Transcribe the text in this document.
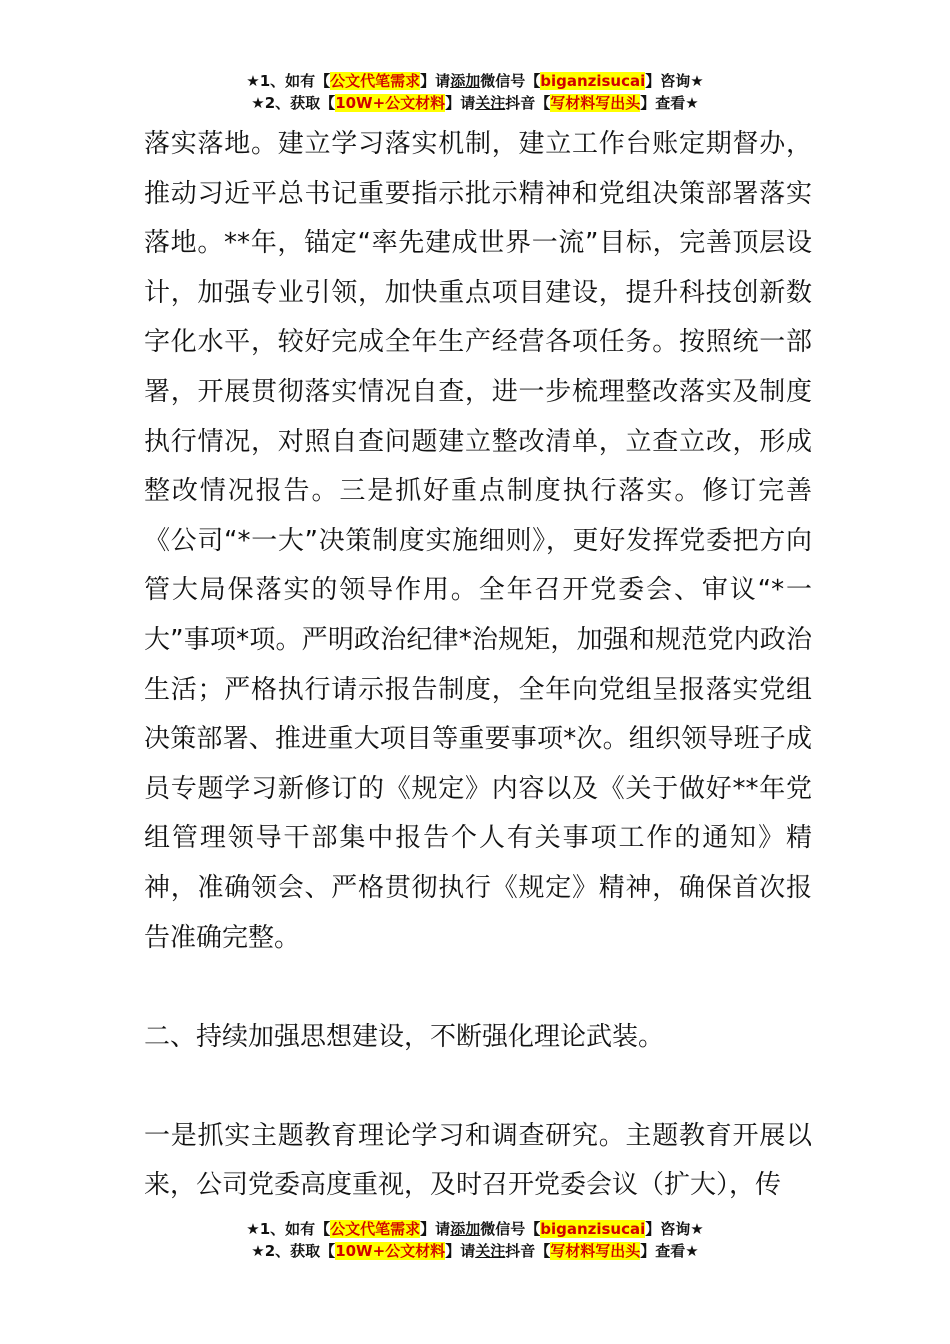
★1、如有【公文代笔需求】请添加微信号【biganzisucai】咨询★
★2、获取【10W+公文材料】请关注抖音【写材料写出头】查看★

落实落地。建立学习落实机制，建立工作台账定期督办，推动习近平总书记重要指示批示精神和党组决策部署落实落地。**年，锚定“率先建成世界一流”目标，完善顶层设计，加强专业引领，加快重点项目建设，提升科技创新数字化水平，较好完成全年生产经营各项任务。按照统一部署，开展贯彻落实情况自查，进一步梳理整改落实及制度执行情况，对照自查问题建立整改清单，立查立改，形成整改情况报告。三是抓好重点制度执行落实。修订完善《公司“*一大”决策制度实施细则》，更好发挥党委把方向管大局保落实的领导作用。全年召开党委会、审议“*一大”事项*项。严明政治纪律*治规矩，加强和规范党内政治生活；严格执行请示报告制度，全年向党组呈报落实党组决策部署、推进重大项目等重要事项*次。组织领导班子成员专题学习新修订的《规定》内容以及《关于做好**年党组管理领导干部集中报告个人有关事项工作的通知》精神，准确领会、严格贯彻执行《规定》精神，确保首次报告准确完整。

二、持续加强思想建设，不断强化理论武装。

一是抓实主题教育理论学习和调查研究。主题教育开展以来，公司党委高度重视，及时召开党委会议（扩大），传

★1、如有【公文代笔需求】请添加微信号【biganzisucai】咨询★
★2、获取【10W+公文材料】请关注抖音【写材料写出头】查看★
